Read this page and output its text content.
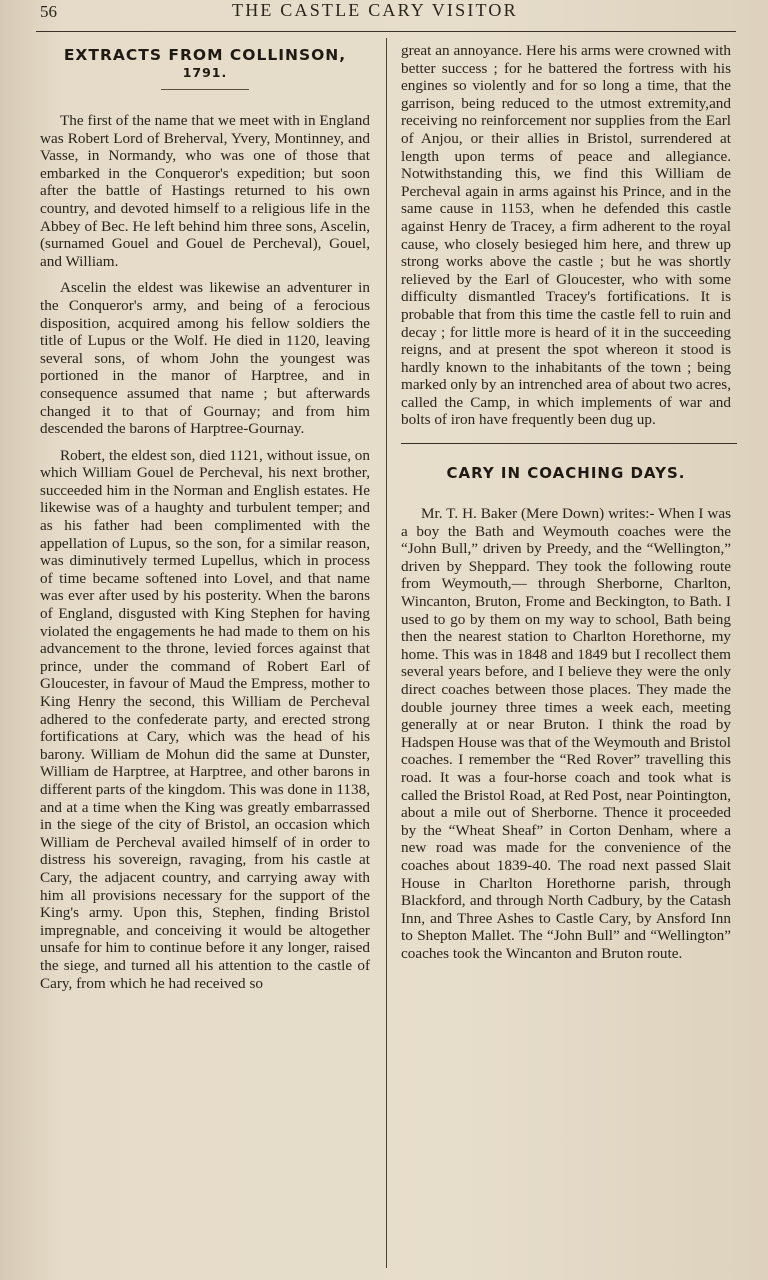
56	THE CASTLE CARY VISITOR
EXTRACTS FROM COLLINSON,
1791.

The first of the name that we meet with in England was Robert Lord of Breherval, Yvery, Montinney, and Vasse, in Normandy, who was one of those that embarked in the Conqueror's expedition; but soon after the battle of Hastings returned to his own country, and devoted himself to a religious life in the Abbey of Bec. He left behind him three sons, Ascelin,(surnamed Gouel and Gouel de Percheval), Gouel, and William.

Ascelin the eldest was likewise an adventurer in the Conqueror's army, and being of a ferocious disposition, acquired among his fellow soldiers the title of Lupus or the Wolf. He died in 1120, leaving several sons, of whom John the youngest was portioned in the manor of Harptree, and in consequence assumed that name ; but afterwards changed it to that of Gournay; and from him descended the barons of Harptree-Gournay.

Robert, the eldest son, died 1121, without issue, on which William Gouel de Percheval, his next brother, succeeded him in the Norman and English estates. He likewise was of a haughty and turbulent temper; and as his father had been complimented with the appellation of Lupus, so the son, for a similar reason, was diminutively termed Lupellus, which in process of time became softened into Lovel, and that name was ever after used by his posterity. When the barons of England, disgusted with King Stephen for having violated the engagements he had made to them on his advancement to the throne, levied forces against that prince, under the command of Robert Earl of Gloucester, in favour of Maud the Empress, mother to King Henry the second, this William de Percheval adhered to the confederate party, and erected strong fortifications at Cary, which was the head of his barony. William de Mohun did the same at Dunster, William de Harptree, at Harptree, and other barons in different parts of the kingdom. This was done in 1138, and at a time when the King was greatly embarrassed in the siege of the city of Bristol, an occasion which William de Percheval availed himself of in order to distress his sovereign, ravaging, from his castle at Cary, the adjacent country, and carrying away with him all provisions necessary for the support of the King's army. Upon this, Stephen, finding Bristol impregnable, and conceiving it would be altogether unsafe for him to continue before it any longer, raised the siege, and turned all his attention to the castle of Cary, from which he had received so

great an annoyance. Here his arms were crowned with better success ; for he battered the fortress with his engines so violently and for so long a time, that the garrison, being reduced to the utmost extremity,and receiving no reinforcement nor supplies from the Earl of Anjou, or their allies in Bristol, surrendered at length upon terms of peace and allegiance. Notwithstanding this, we find this William de Percheval again in arms against his Prince, and in the same cause in 1153, when he defended this castle against Henry de Tracey, a firm adherent to the royal cause, who closely besieged him here, and threw up strong works above the castle ; but he was shortly relieved by the Earl of Gloucester, who with some difficulty dismantled Tracey's fortifications. It is probable that from this time the castle fell to ruin and decay ; for little more is heard of it in the succeeding reigns, and at present the spot whereon it stood is hardly known to the inhabitants of the town ; being marked only by an intrenched area of about two acres, called the Camp, in which implements of war and bolts of iron have frequently been dug up.

CARY IN COACHING DAYS.

Mr. T. H. Baker (Mere Down) writes:- When I was a boy the Bath and Weymouth coaches were the “John Bull,” driven by Preedy, and the “Wellington,” driven by Sheppard. They took the following route from Weymouth,— through Sherborne, Charlton, Wincanton, Bruton, Frome and Beckington, to Bath. I used to go by them on my way to school, Bath being then the nearest station to Charlton Horethorne, my home. This was in 1848 and 1849 but I recollect them several years before, and I believe they were the only direct coaches between those places. They made the double journey three times a week each, meeting generally at or near Bruton. I think the road by Hadspen House was that of the Weymouth and Bristol coaches. I remember the “Red Rover” travelling this road. It was a four-horse coach and took what is called the Bristol Road, at Red Post, near Pointington, about a mile out of Sherborne. Thence it proceeded by the “Wheat Sheaf” in Corton Denham, where a new road was made for the convenience of the coaches about 1839-40. The road next passed Slait House in Charlton Horethorne parish, through Blackford, and through North Cadbury, by the Catash Inn, and Three Ashes to Castle Cary, by Ansford Inn to Shepton Mallet. The “John Bull” and “Wellington” coaches took the Wincanton and Bruton route.
